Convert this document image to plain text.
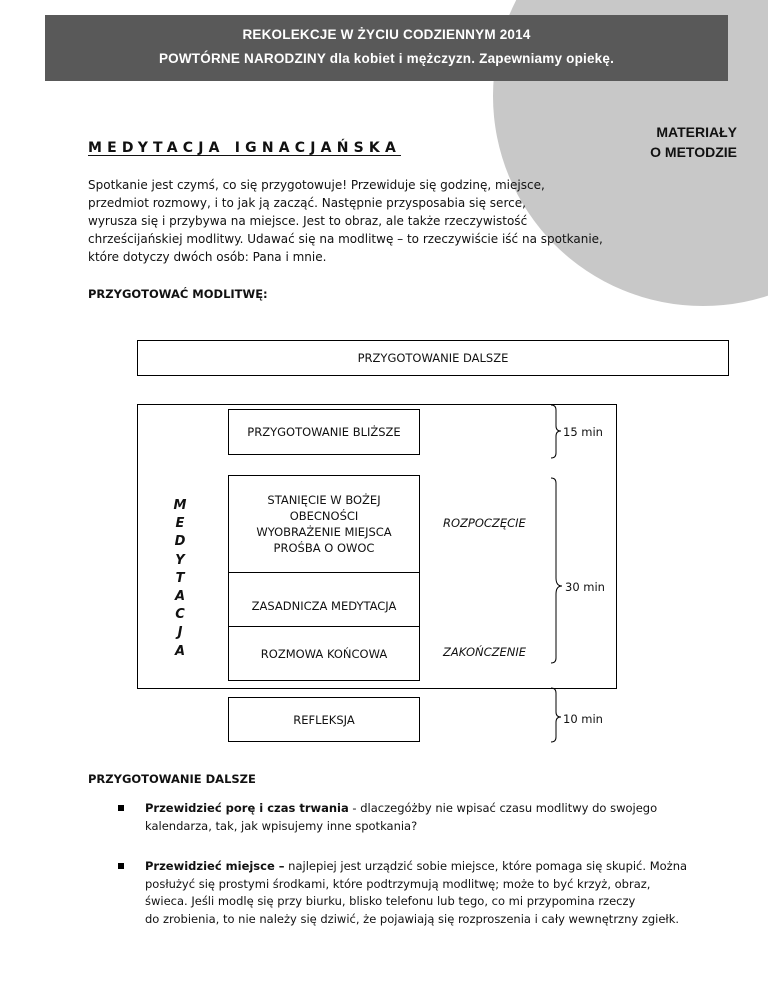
REKOLEKCJE W ŻYCIU CODZIENNYM 2014
POWTÓRNE NARODZINY dla kobiet i mężczyzn. Zapewniamy opiekę.
MATERIAŁY
O METODZIE
MEDYTACJA IGNACJAŃSKA
Spotkanie jest czymś, co się przygotowuje! Przewiduje się godzinę, miejsce,
przedmiot rozmowy, i to jak ją zacząć. Następnie przysposabia się serce,
wyrusza się i przybywa na miejsce. Jest to obraz, ale także rzeczywistość
chrześcijańskiej modlitwy. Udawać się na modlitwę – to rzeczywiście iść na spotkanie,
które dotyczy dwóch osób: Pana i mnie.
PRZYGOTOWAĆ MODLITWĘ:
PRZYGOTOWANIE DALSZE
PRZYGOTOWANIE BLIŻSZE
STANIĘCIE W BOŻEJ
OBECNOŚCI
WYOBRAŻENIE MIEJSCA
PROŚBA O OWOC
ZASADNICZA MEDYTACJA
ROZMOWA KOŃCOWA
REFLEKSJA
M
E
D
Y
T
A
C
J
A
ROZPOCZĘCIE
ZAKOŃCZENIE
15 min
30 min
10 min
PRZYGOTOWANIE DALSZE
Przewidzieć porę i czas trwania - dlaczegóżby nie wpisać czasu modlitwy do swojego
kalendarza, tak, jak wpisujemy inne spotkania?
Przewidzieć miejsce – najlepiej jest urządzić sobie miejsce, które pomaga się skupić. Można
posłużyć się prostymi środkami, które podtrzymują modlitwę; może to być krzyż, obraz,
świeca. Jeśli modlę się przy biurku, blisko telefonu lub tego, co mi przypomina rzeczy
do zrobienia, to nie należy się dziwić, że pojawiają się rozproszenia i cały wewnętrzny zgiełk.
